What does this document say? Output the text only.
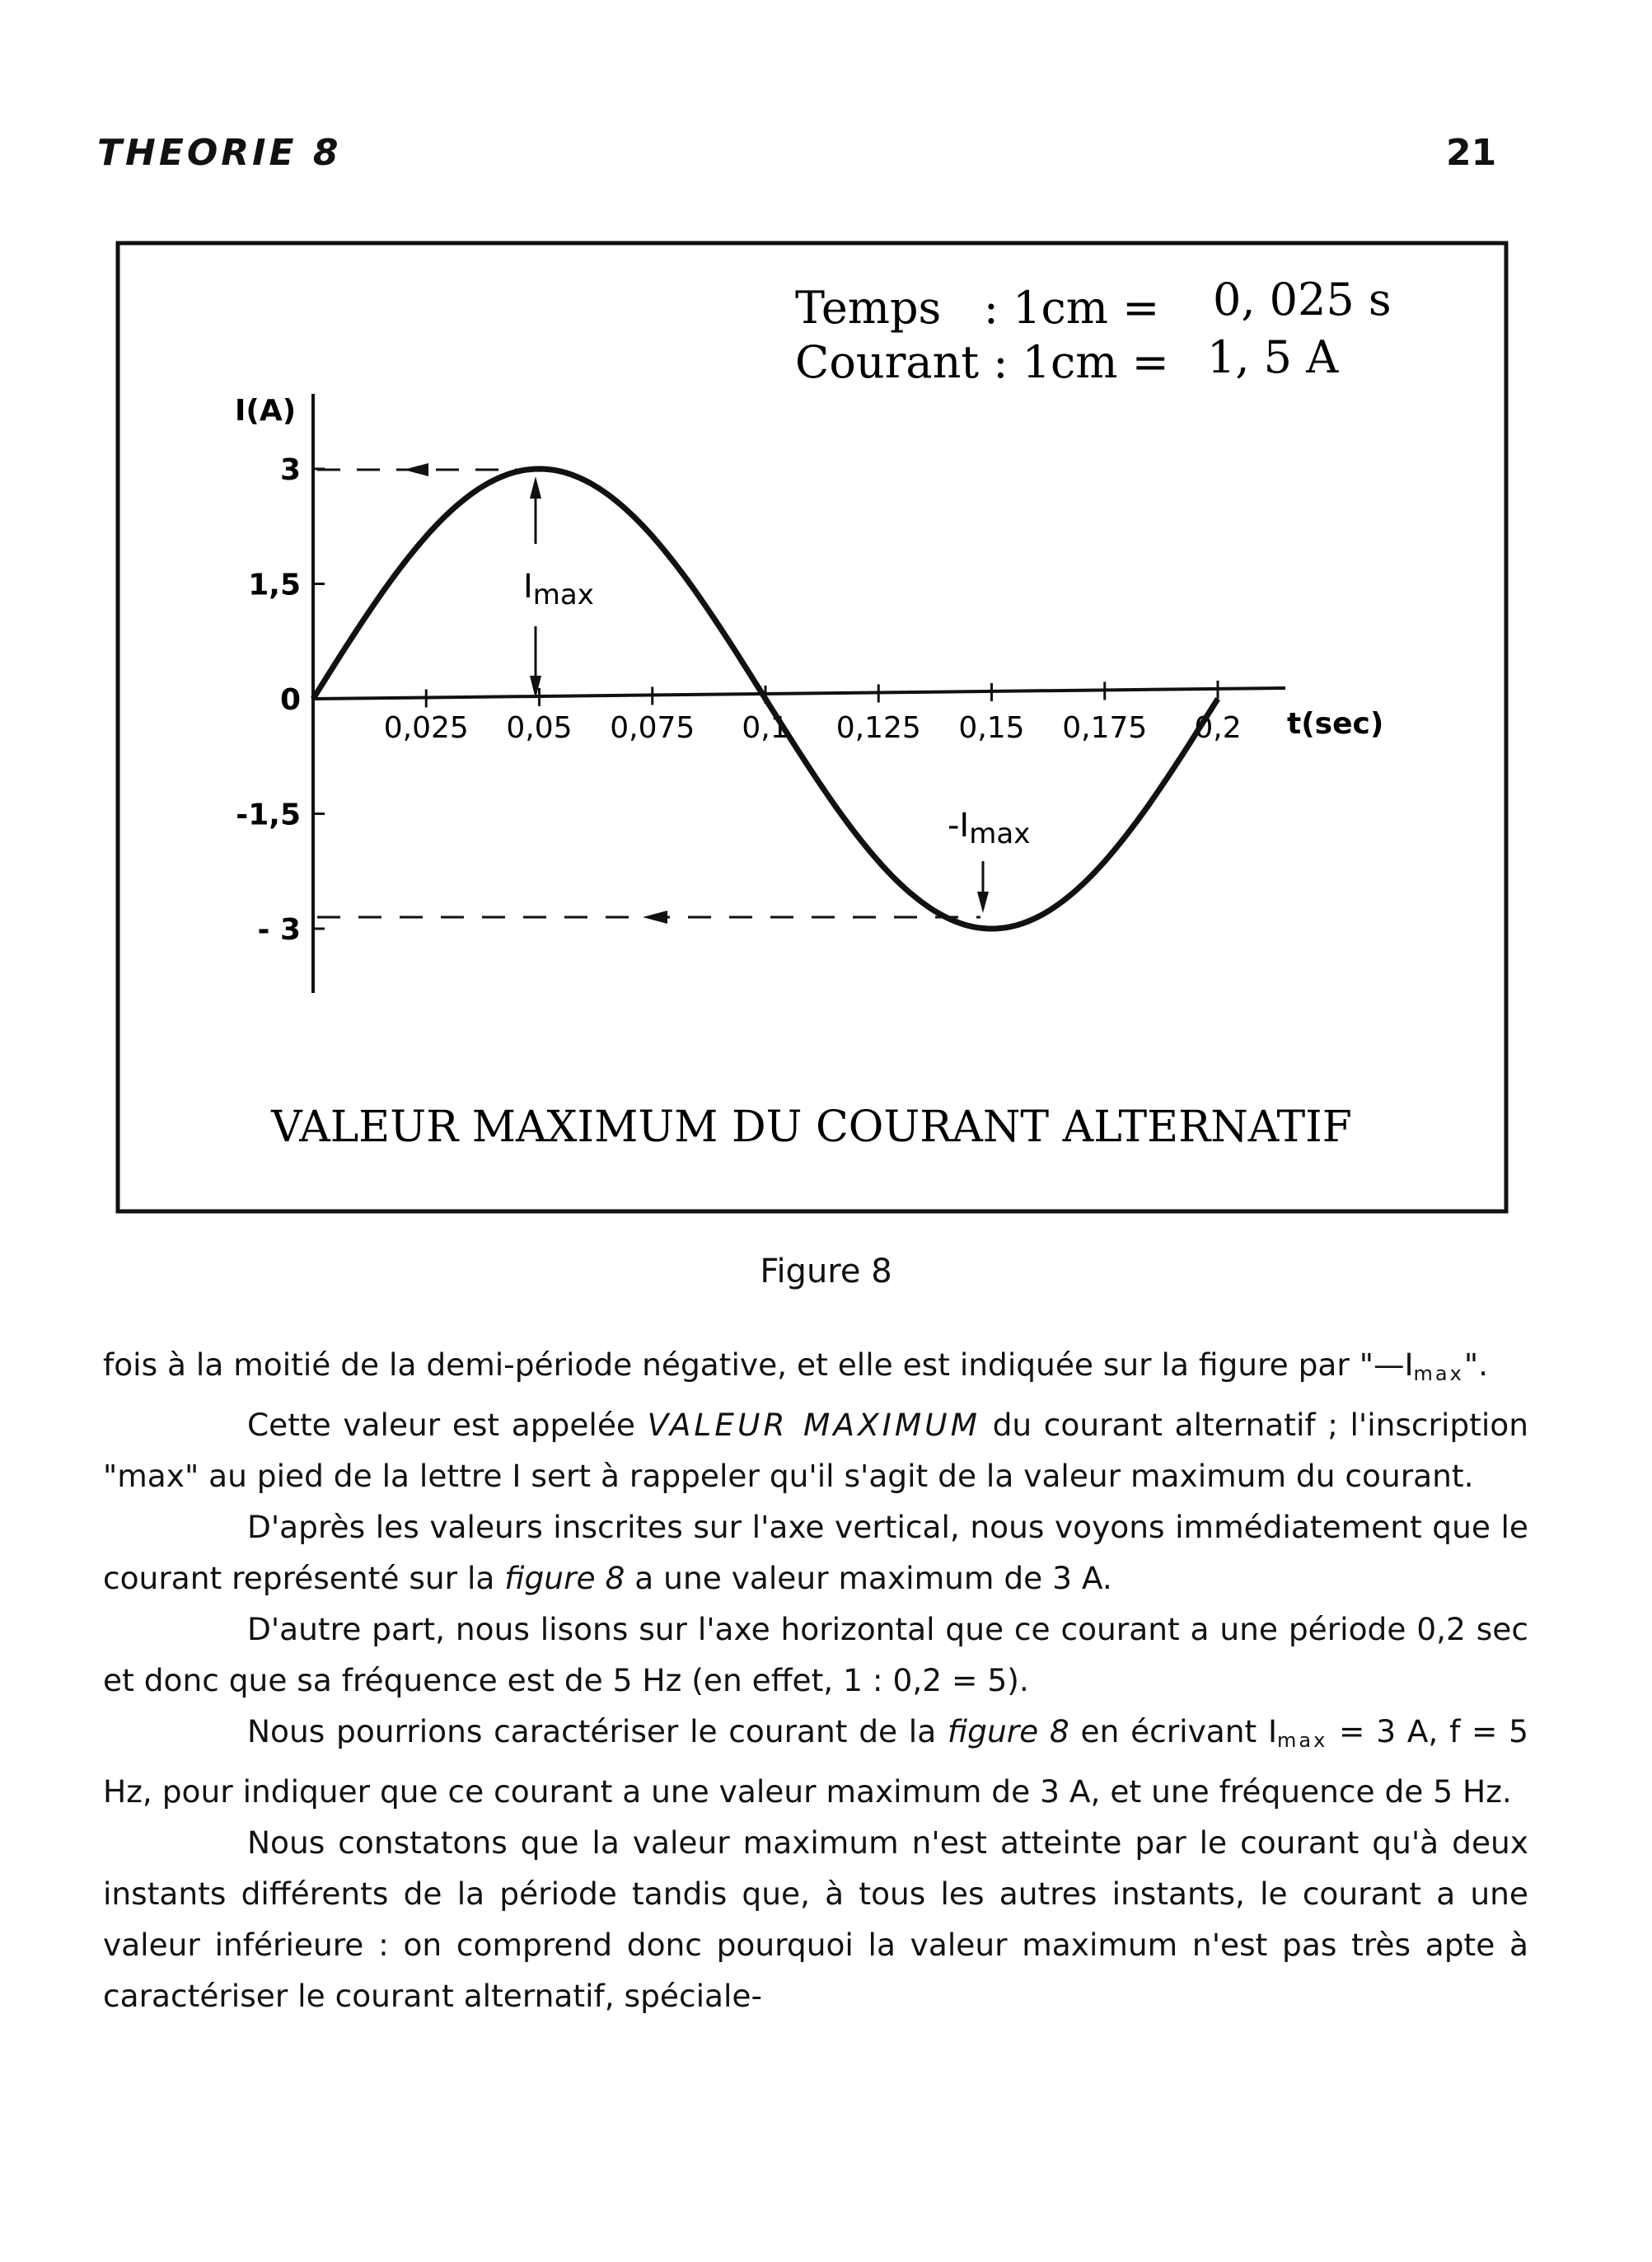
THEORIE 8	21
Temps   : 1cm = 0, 025 s
Courant : 1cm = 1, 5 A
I(A)
t(sec)
3
1,5
0
-1,5
- 3
0,025 0,05 0,075 0,1 0,125 0,15 0,175 0,2
$I_{max}$
$-I_{max}$
VALEUR MAXIMUM DU COURANT ALTERNATIF
Figure 8

fois à la moitié de la demi-période négative, et elle est indiquée sur la figure par "$—I_{max}$".

Cette valeur est appelée VALEUR MAXIMUM du courant alternatif ; l'inscription "max" au pied de la lettre I sert à rappeler qu'il s'agit de la valeur maximum du courant.

D'après les valeurs inscrites sur l'axe vertical, nous voyons immédiatement que le courant représenté sur la figure 8 a une valeur maximum de 3 A.

D'autre part, nous lisons sur l'axe horizontal que ce courant a une période 0,2 sec et donc que sa fréquence est de 5 Hz (en effet, 1 : 0,2 = 5).

Nous pourrions caractériser le courant de la figure 8 en écrivant $I_{max} = 3$ A, f = 5 Hz, pour indiquer que ce courant a une valeur maximum de 3 A, et une fréquence de 5 Hz.

Nous constatons que la valeur maximum n'est atteinte par le courant qu'à deux instants différents de la période tandis que, à tous les autres instants, le courant a une valeur inférieure : on comprend donc pourquoi la valeur maximum n'est pas très apte à caractériser le courant alternatif, spéciale-
